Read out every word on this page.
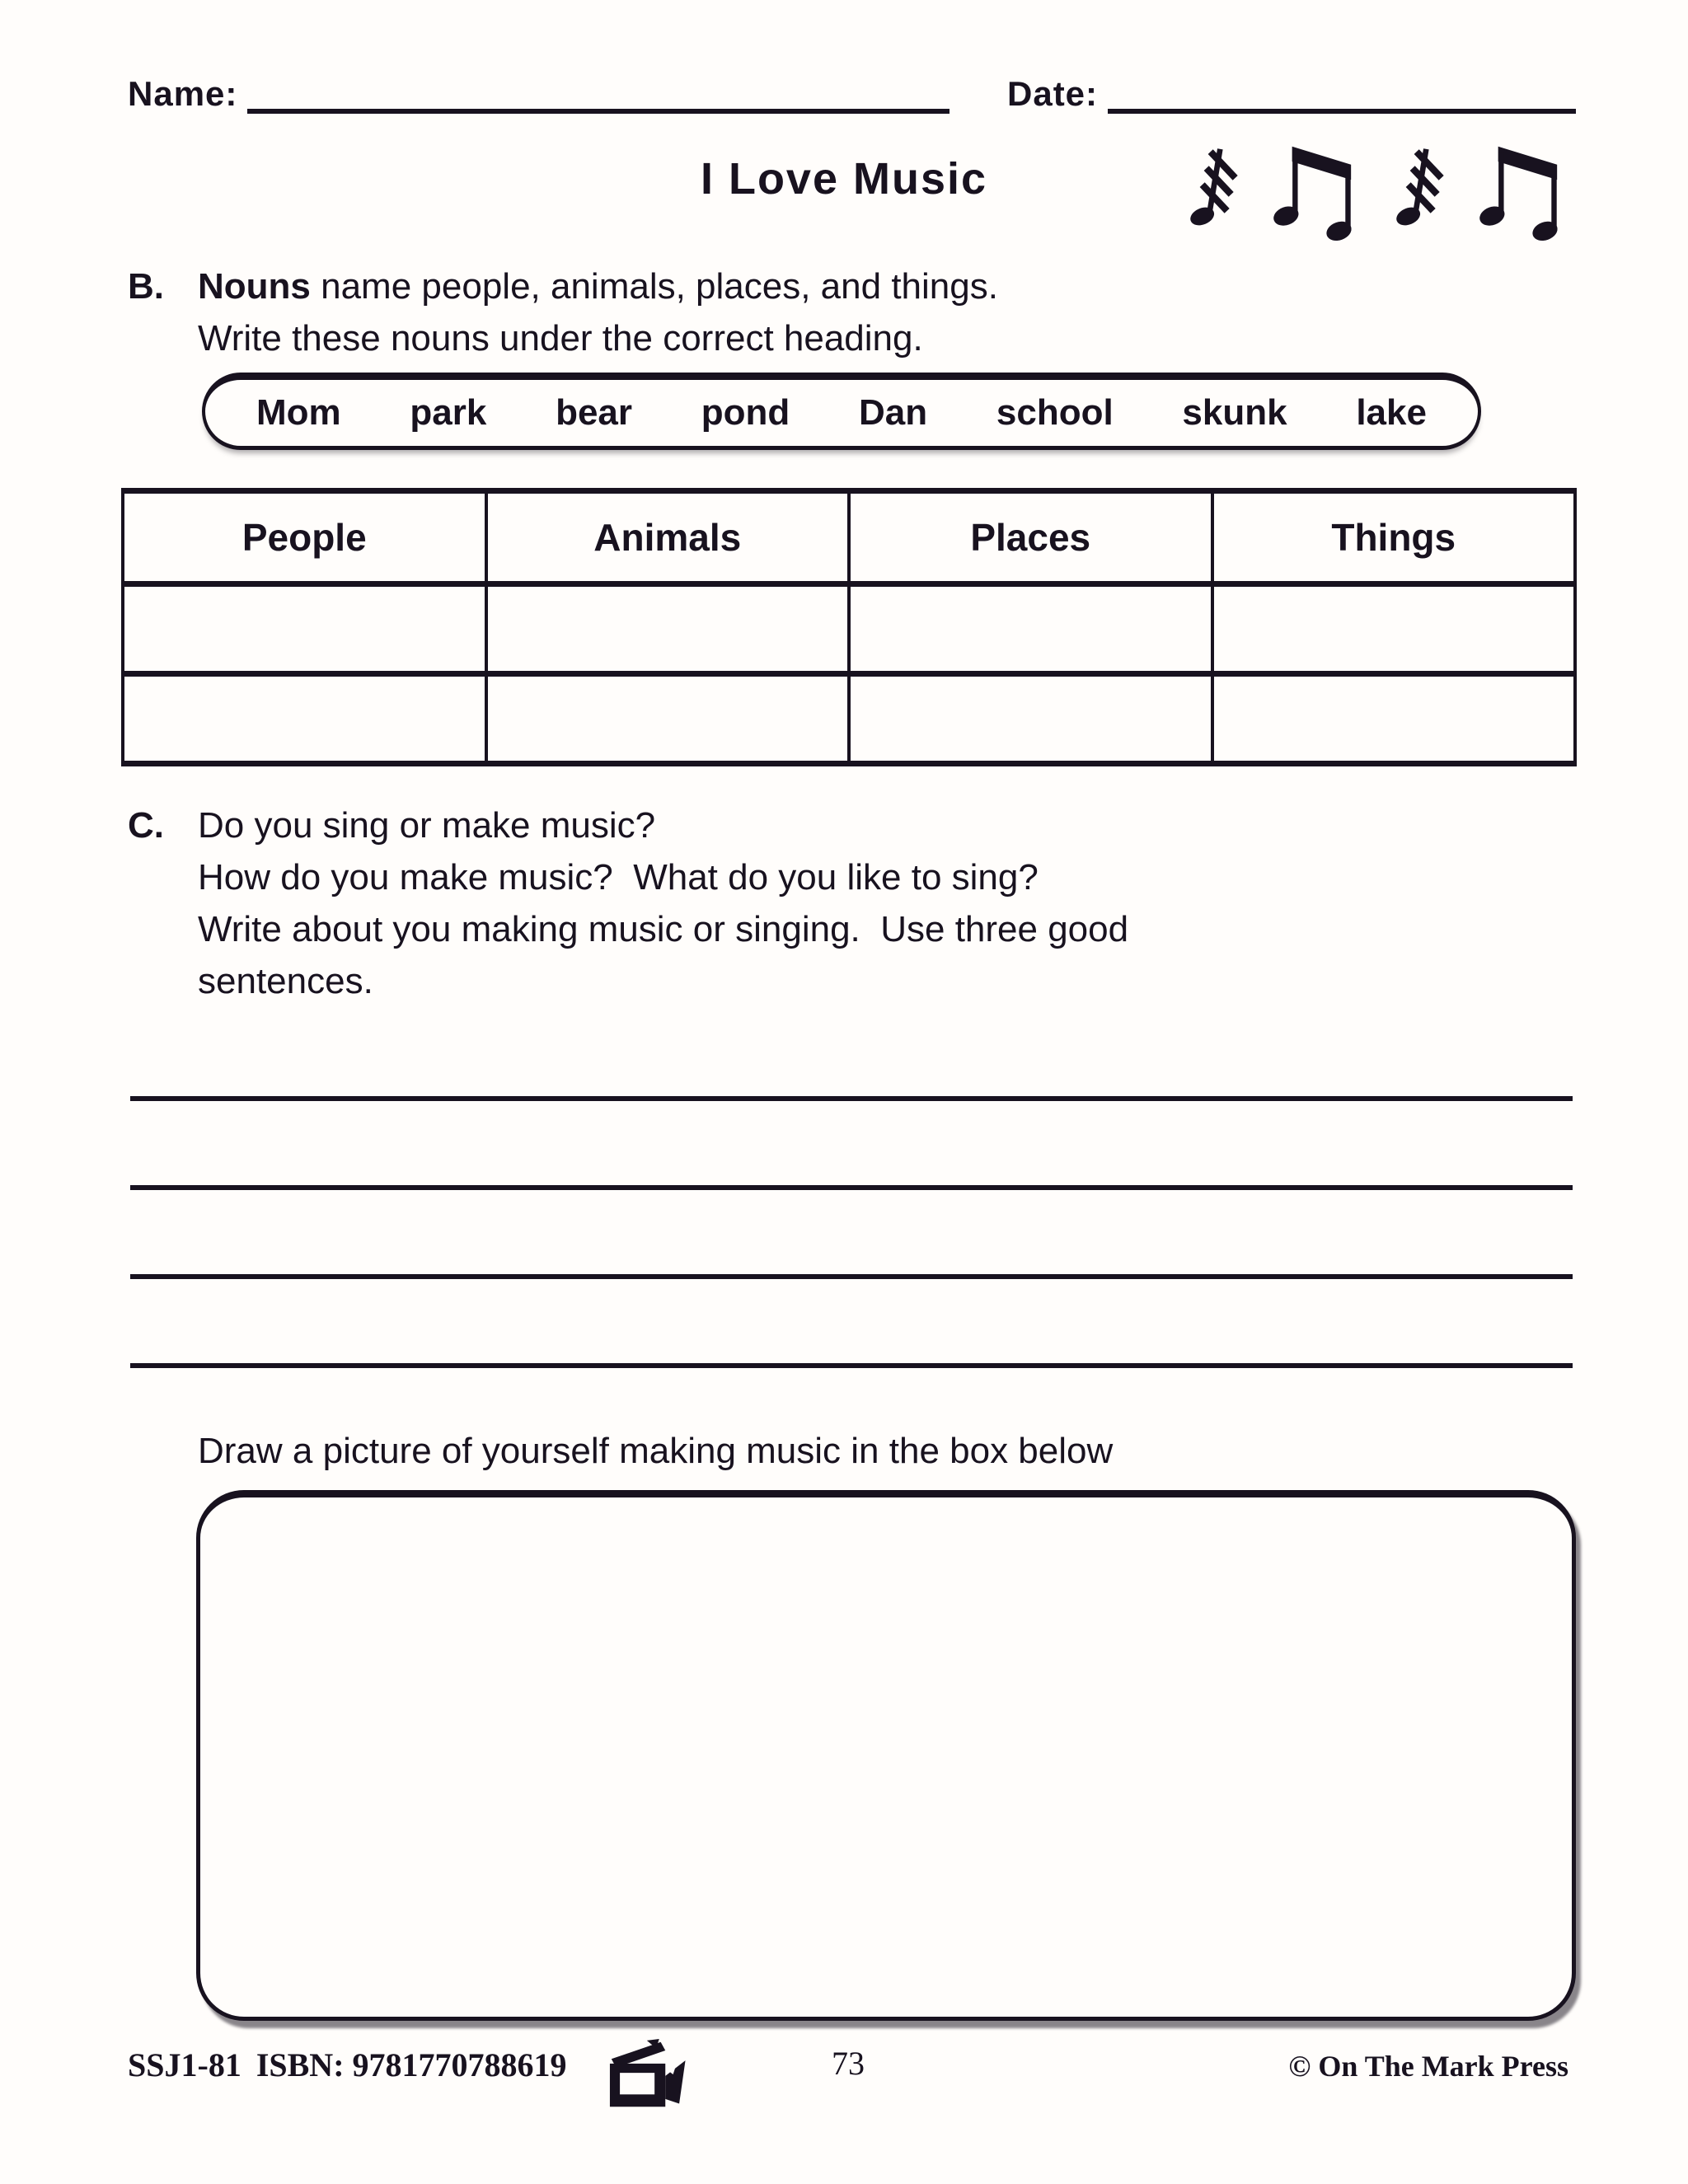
Name:	Date:
I Love Music
B. Nouns name people, animals, places, and things.
Write these nouns under the correct heading.
Mom park bear pond Dan school skunk lake
People	Animals	Places	Things

C. Do you sing or make music?
How do you make music?  What do you like to sing?
Write about you making music or singing.  Use three good
sentences.
Draw a picture of yourself making music in the box below
SSJ1-81 ISBN: 9781770788619	73	© On The Mark Press
